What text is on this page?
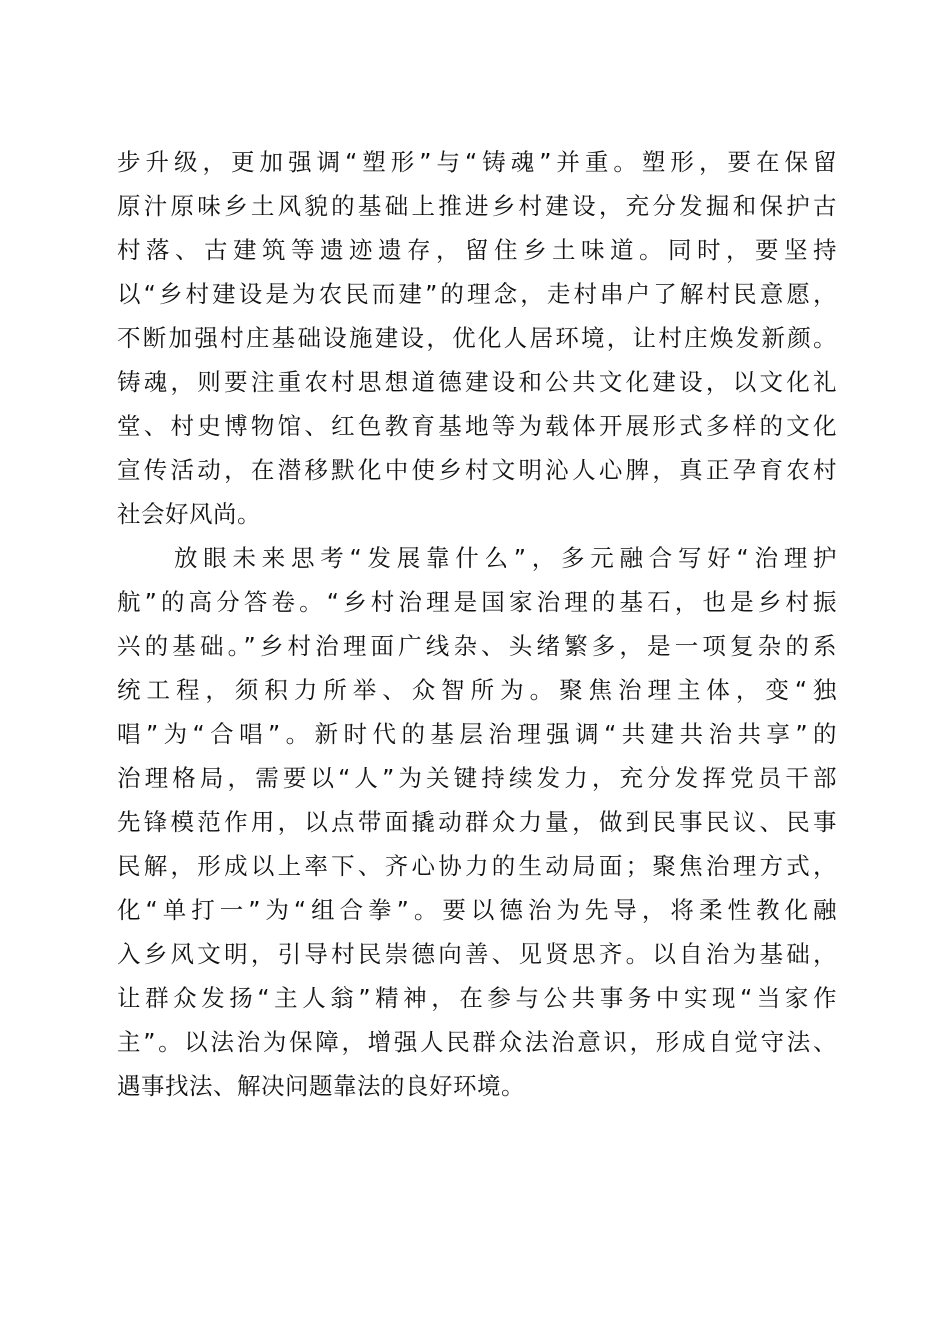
步升级，更加强调“塑形”与“铸魂”并重。塑形，要在保留
原汁原味乡土风貌的基础上推进乡村建设，充分发掘和保护古
村落、古建筑等遗迹遗存，留住乡土味道。同时，要坚持
以“乡村建设是为农民而建”的理念，走村串户了解村民意愿，
不断加强村庄基础设施建设，优化人居环境，让村庄焕发新颜。
铸魂，则要注重农村思想道德建设和公共文化建设，以文化礼
堂、村史博物馆、红色教育基地等为载体开展形式多样的文化
宣传活动，在潜移默化中使乡村文明沁人心脾，真正孕育农村
社会好风尚。
放眼未来思考“发展靠什么”，多元融合写好“治理护
航”的高分答卷。“乡村治理是国家治理的基石，也是乡村振
兴的基础。”乡村治理面广线杂、头绪繁多，是一项复杂的系
统工程，须积力所举、众智所为。聚焦治理主体，变“独
唱”为“合唱”。新时代的基层治理强调“共建共治共享”的
治理格局，需要以“人”为关键持续发力，充分发挥党员干部
先锋模范作用，以点带面撬动群众力量，做到民事民议、民事
民解，形成以上率下、齐心协力的生动局面；聚焦治理方式，
化“单打一”为“组合拳”。要以德治为先导，将柔性教化融
入乡风文明，引导村民崇德向善、见贤思齐。以自治为基础，
让群众发扬“主人翁”精神，在参与公共事务中实现“当家作
主”。以法治为保障，增强人民群众法治意识，形成自觉守法、
遇事找法、解决问题靠法的良好环境。
